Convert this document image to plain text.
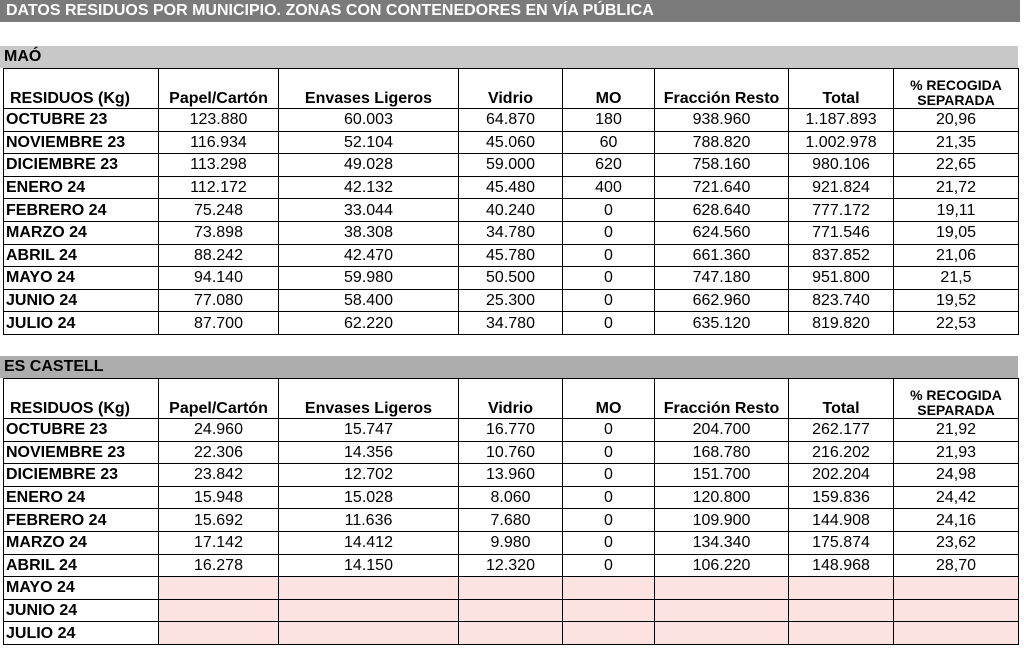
DATOS RESIDUOS POR MUNICIPIO. ZONAS CON CONTENEDORES EN VÍA PÚBLICA
MAÓ
RESIDUOS (Kg)	Papel/Cartón	Envases Ligeros	Vidrio	MO	Fracción Resto	Total	% RECOGIDA
SEPARADA
OCTUBRE 23	123.880	60.003	64.870	180	938.960	1.187.893	20,96
NOVIEMBRE 23	116.934	52.104	45.060	60	788.820	1.002.978	21,35
DICIEMBRE 23	113.298	49.028	59.000	620	758.160	980.106	22,65
ENERO 24	112.172	42.132	45.480	400	721.640	921.824	21,72
FEBRERO 24	75.248	33.044	40.240	0	628.640	777.172	19,11
MARZO 24	73.898	38.308	34.780	0	624.560	771.546	19,05
ABRIL 24	88.242	42.470	45.780	0	661.360	837.852	21,06
MAYO 24	94.140	59.980	50.500	0	747.180	951.800	21,5
JUNIO 24	77.080	58.400	25.300	0	662.960	823.740	19,52
JULIO 24	87.700	62.220	34.780	0	635.120	819.820	22,53
ES CASTELL
RESIDUOS (Kg)	Papel/Cartón	Envases Ligeros	Vidrio	MO	Fracción Resto	Total	% RECOGIDA
SEPARADA
OCTUBRE 23	24.960	15.747	16.770	0	204.700	262.177	21,92
NOVIEMBRE 23	22.306	14.356	10.760	0	168.780	216.202	21,93
DICIEMBRE 23	23.842	12.702	13.960	0	151.700	202.204	24,98
ENERO 24	15.948	15.028	8.060	0	120.800	159.836	24,42
FEBRERO 24	15.692	11.636	7.680	0	109.900	144.908	24,16
MARZO 24	17.142	14.412	9.980	0	134.340	175.874	23,62
ABRIL 24	16.278	14.150	12.320	0	106.220	148.968	28,70
MAYO 24							
JUNIO 24							
JULIO 24							
